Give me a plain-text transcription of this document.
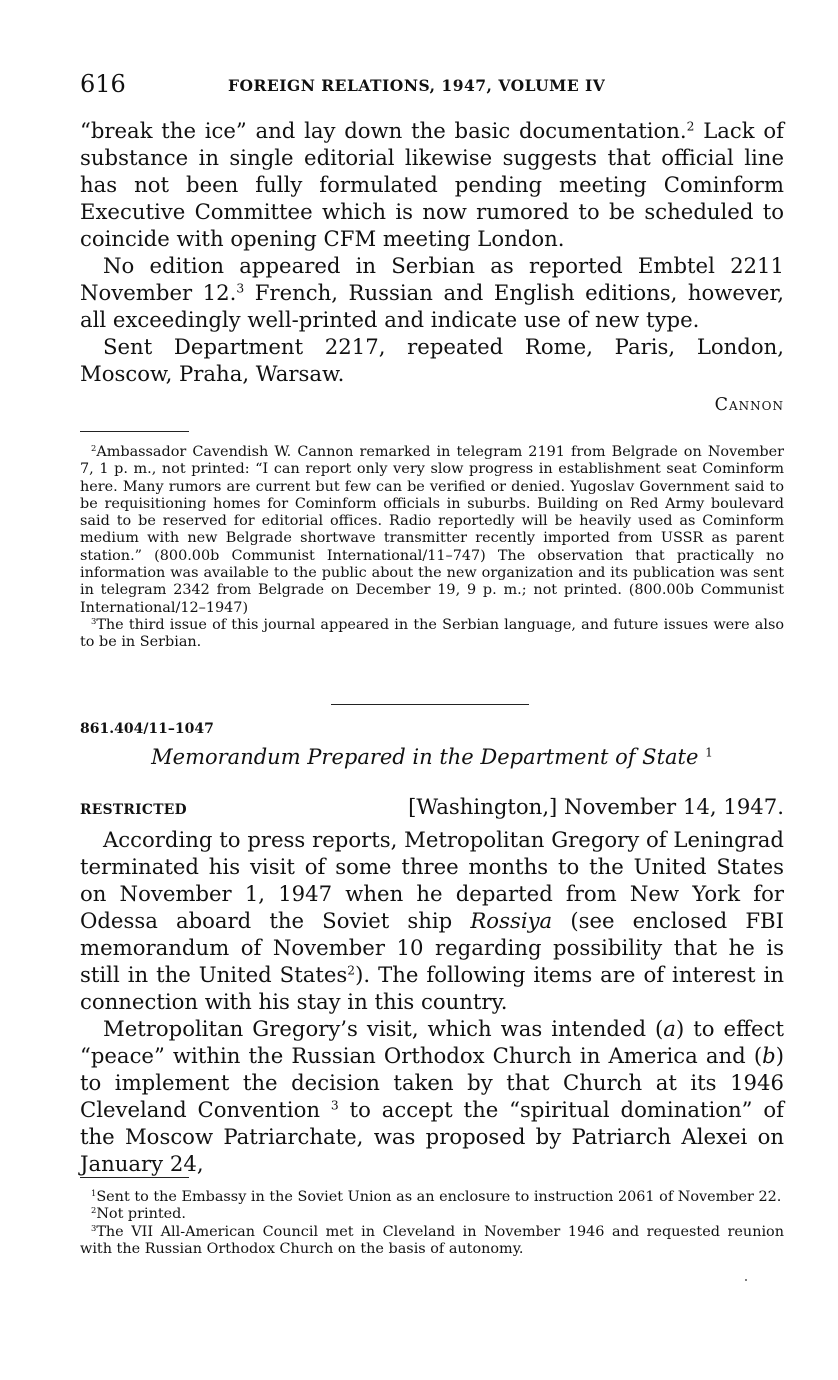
616	FOREIGN RELATIONS, 1947, VOLUME IV

“break the ice” and lay down the basic documentation.$^2$ Lack of substance in single editorial likewise suggests that official line has not been fully formulated pending meeting Cominform Executive Committee which is now rumored to be scheduled to coincide with opening CFM meeting London.

No edition appeared in Serbian as reported Embtel 2211 November 12.$^3$ French, Russian and English editions, however, all exceedingly well-printed and indicate use of new type.

Sent Department 2217, repeated Rome, Paris, London, Moscow, Praha, Warsaw.

Cannon

$^2$Ambassador Cavendish W. Cannon remarked in telegram 2191 from Belgrade on November 7, 1 p. m., not printed: “I can report only very slow progress in establishment seat Cominform here. Many rumors are current but few can be verified or denied. Yugoslav Government said to be requisitioning homes for Cominform officials in suburbs. Building on Red Army boulevard said to be reserved for editorial offices. Radio reportedly will be heavily used as Cominform medium with new Belgrade shortwave transmitter recently imported from USSR as parent station.” (800.00b Communist International/11–747) The observation that practically no information was available to the public about the new organization and its publication was sent in telegram 2342 from Belgrade on December 19, 9 p. m.; not printed. (800.00b Communist International/12–1947)

$^3$The third issue of this journal appeared in the Serbian language, and future issues were also to be in Serbian.

861.404/11–1047
Memorandum Prepared in the Department of State $^1$
RESTRICTED	[Washington,] November 14, 1947.

According to press reports, Metropolitan Gregory of Leningrad terminated his visit of some three months to the United States on November 1, 1947 when he departed from New York for Odessa aboard the Soviet ship Rossiya (see enclosed FBI memorandum of November 10 regarding possibility that he is still in the United States$^2$). The following items are of interest in connection with his stay in this country.

Metropolitan Gregory’s visit, which was intended (a) to effect “peace” within the Russian Orthodox Church in America and (b) to implement the decision taken by that Church at its 1946 Cleveland Convention $^3$ to accept the “spiritual domination” of the Moscow Patriarchate, was proposed by Patriarch Alexei on January 24,

$^1$Sent to the Embassy in the Soviet Union as an enclosure to instruction 2061 of November 22.

$^2$Not printed.

$^3$The VII All-American Council met in Cleveland in November 1946 and requested reunion with the Russian Orthodox Church on the basis of autonomy.
